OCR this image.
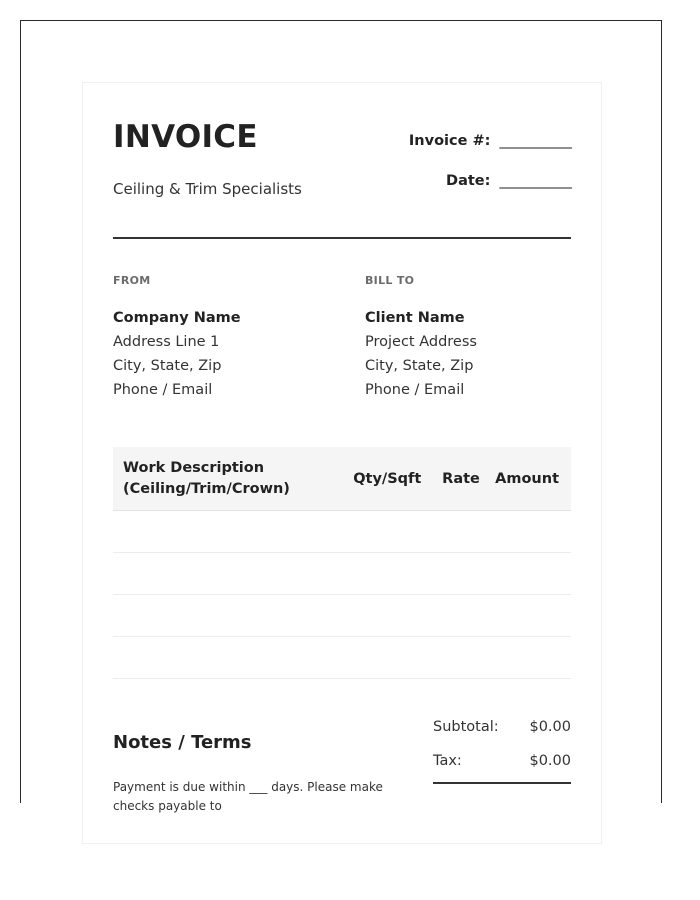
INVOICE
Ceiling & Trim Specialists
Invoice #: __________
Date: __________
FROM
Company Name
Address Line 1
City, State, Zip
Phone / Email
BILL TO
Client Name
Project Address
City, State, Zip
Phone / Email
Work Description
(Ceiling/Trim/Crown)	Qty/Sqft	Rate	Amount

Notes / Terms
Payment is due within ___ days. Please make checks payable to
Subtotal: $0.00
Tax:	$0.00
